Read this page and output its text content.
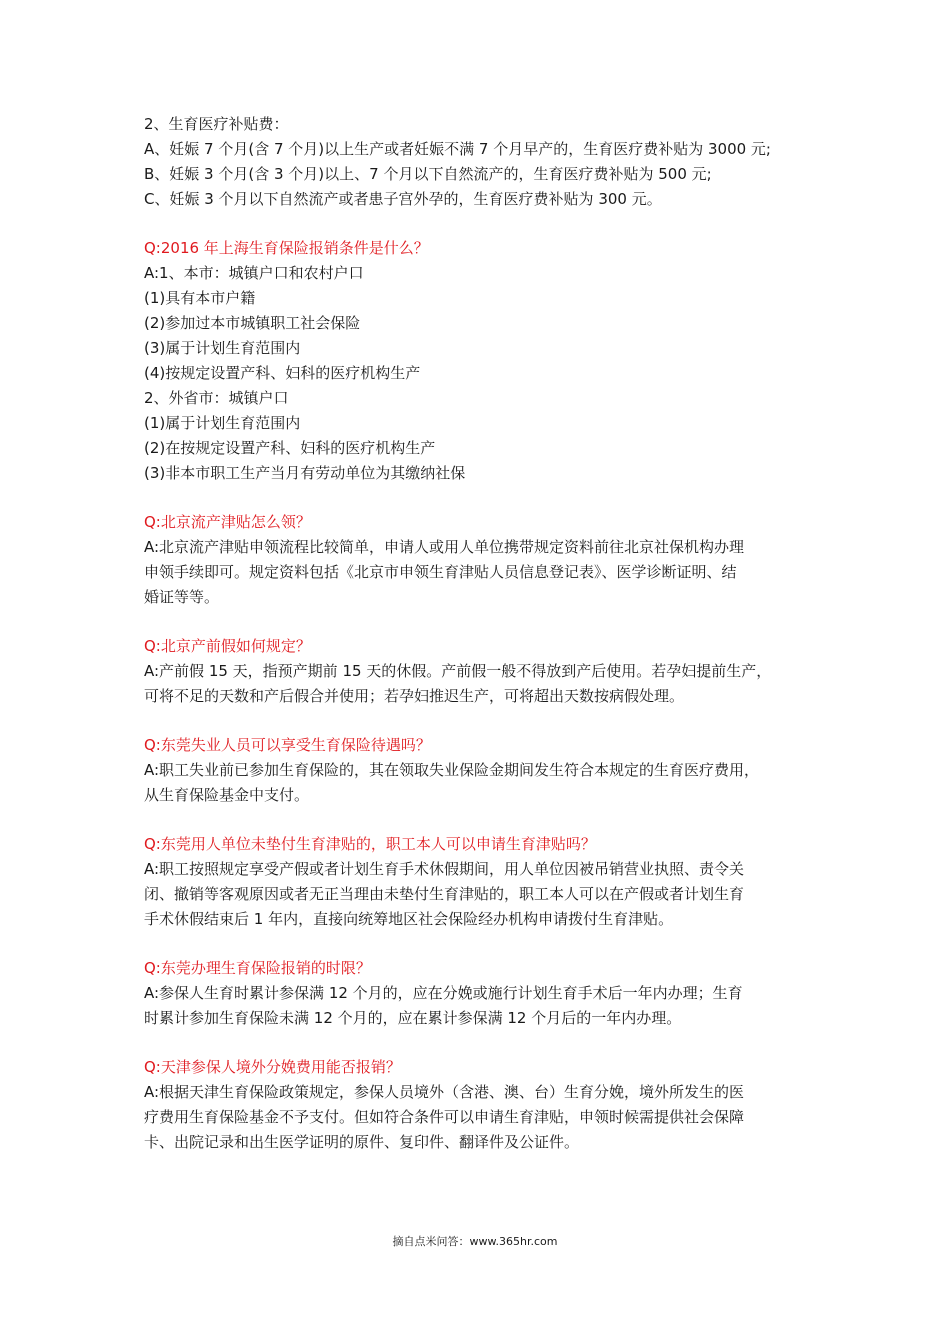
2、生育医疗补贴费：
A、妊娠 7 个月(含 7 个月)以上生产或者妊娠不满 7 个月早产的，生育医疗费补贴为 3000 元;
B、妊娠 3 个月(含 3 个月)以上、7 个月以下自然流产的，生育医疗费补贴为 500 元;
C、妊娠 3 个月以下自然流产或者患子宫外孕的，生育医疗费补贴为 300 元。
Q:2016 年上海生育保险报销条件是什么？
A:1、本市：城镇户口和农村户口
(1)具有本市户籍
(2)参加过本市城镇职工社会保险
(3)属于计划生育范围内
(4)按规定设置产科、妇科的医疗机构生产
2、外省市：城镇户口
(1)属于计划生育范围内
(2)在按规定设置产科、妇科的医疗机构生产
(3)非本市职工生产当月有劳动单位为其缴纳社保
Q:北京流产津贴怎么领？
A:北京流产津贴申领流程比较简单，申请人或用人单位携带规定资料前往北京社保机构办理
申领手续即可。规定资料包括《北京市申领生育津贴人员信息登记表》、医学诊断证明、结
婚证等等。
Q:北京产前假如何规定？
A:产前假 15 天，指预产期前 15 天的休假。产前假一般不得放到产后使用。若孕妇提前生产，
可将不足的天数和产后假合并使用；若孕妇推迟生产，可将超出天数按病假处理。
Q:东莞失业人员可以享受生育保险待遇吗？
A:职工失业前已参加生育保险的，其在领取失业保险金期间发生符合本规定的生育医疗费用，
从生育保险基金中支付。
Q:东莞用人单位未垫付生育津贴的，职工本人可以申请生育津贴吗？
A:职工按照规定享受产假或者计划生育手术休假期间，用人单位因被吊销营业执照、责令关
闭、撤销等客观原因或者无正当理由未垫付生育津贴的，职工本人可以在产假或者计划生育
手术休假结束后 1 年内，直接向统筹地区社会保险经办机构申请拨付生育津贴。
Q:东莞办理生育保险报销的时限？
A:参保人生育时累计参保满 12 个月的，应在分娩或施行计划生育手术后一年内办理；生育
时累计参加生育保险未满 12 个月的，应在累计参保满 12 个月后的一年内办理。
Q:天津参保人境外分娩费用能否报销？
A:根据天津生育保险政策规定，参保人员境外（含港、澳、台）生育分娩，境外所发生的医
疗费用生育保险基金不予支付。但如符合条件可以申请生育津贴，申领时候需提供社会保障
卡、出院记录和出生医学证明的原件、复印件、翻译件及公证件。
摘自点米问答：www.365hr.com
